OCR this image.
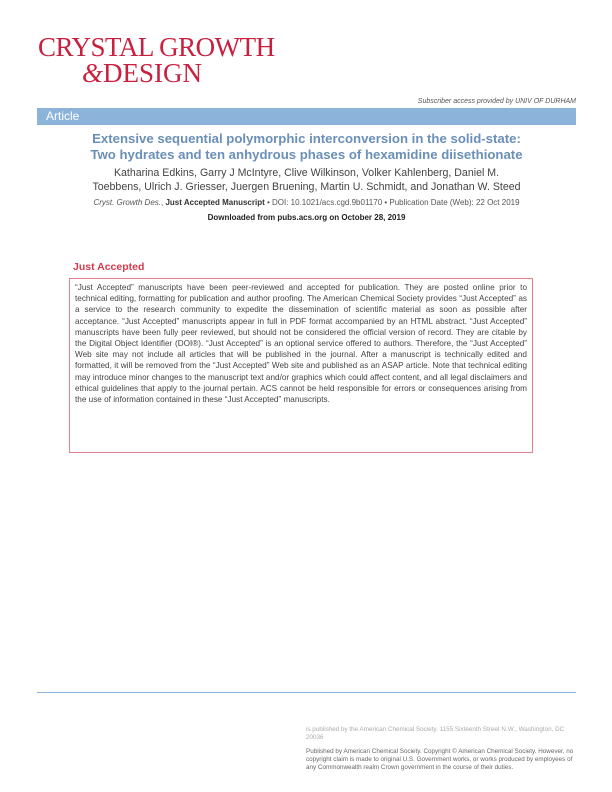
CRYSTAL GROWTH
&DESIGN
Subscriber access provided by UNIV OF DURHAM
Article
Extensive sequential polymorphic interconversion in the solid-state:
Two hydrates and ten anhydrous phases of hexamidine diisethionate
Katharina Edkins, Garry J McIntyre, Clive Wilkinson, Volker Kahlenberg, Daniel M.
Toebbens, Ulrich J. Griesser, Juergen Bruening, Martin U. Schmidt, and Jonathan W. Steed
Cryst. Growth Des., Just Accepted Manuscript • DOI: 10.1021/acs.cgd.9b01170 • Publication Date (Web): 22 Oct 2019
Downloaded from pubs.acs.org on October 28, 2019
Just Accepted

“Just Accepted” manuscripts have been peer-reviewed and accepted for publication. They are posted online prior to technical editing, formatting for publication and author proofing. The American Chemical Society provides “Just Accepted” as a service to the research community to expedite the dissemination of scientific material as soon as possible after acceptance. “Just Accepted” manuscripts appear in full in PDF format accompanied by an HTML abstract. “Just Accepted” manuscripts have been fully peer reviewed, but should not be considered the official version of record. They are citable by the Digital Object Identifier (DOI®). “Just Accepted” is an optional service offered to authors. Therefore, the “Just Accepted” Web site may not include all articles that will be published in the journal. After a manuscript is technically edited and formatted, it will be removed from the “Just Accepted” Web site and published as an ASAP article. Note that technical editing may introduce minor changes to the manuscript text and/or graphics which could affect content, and all legal disclaimers and ethical guidelines that apply to the journal pertain. ACS cannot be held responsible for errors or consequences arising from the use of information contained in these “Just Accepted” manuscripts.

is published by the American Chemical Society. 1155 Sixteenth Street N.W., Washington, DC 20036
Published by American Chemical Society. Copyright © American Chemical Society. However, no copyright claim is made to original U.S. Government works, or works produced by employees of any Commonwealth realm Crown government in the course of their duties.
